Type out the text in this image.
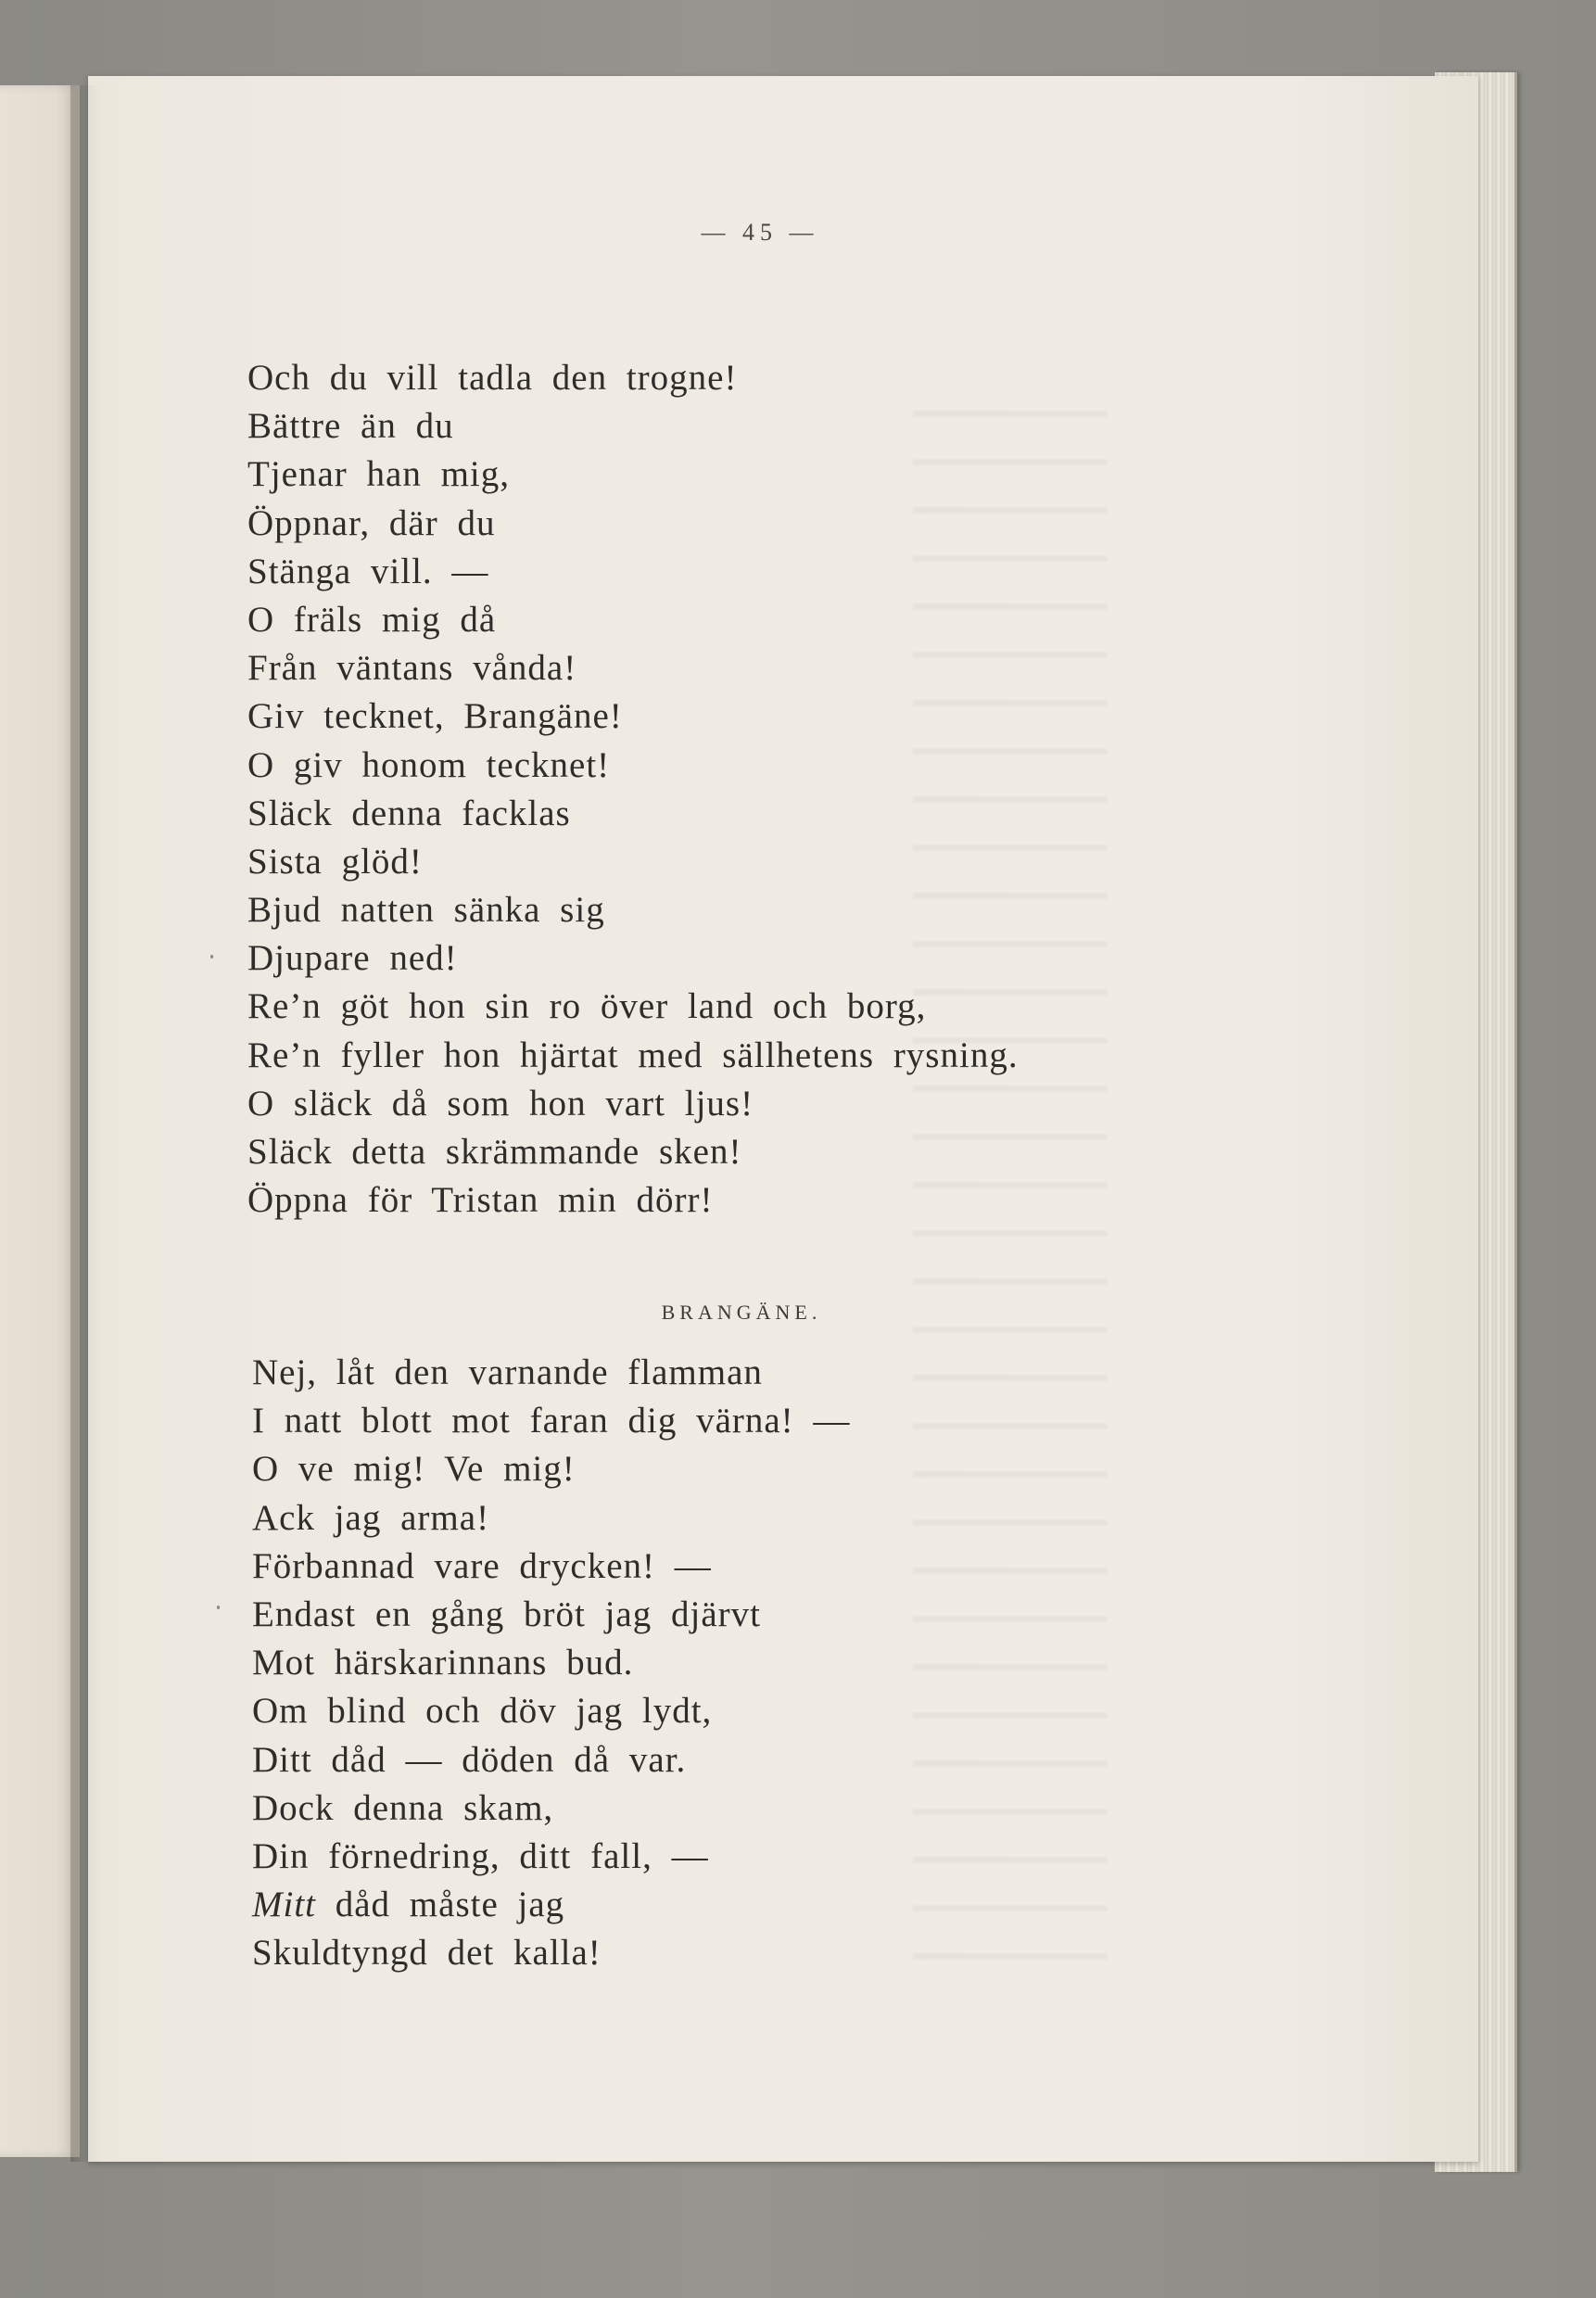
— 45 —
Och du vill tadla den trogne!
Bättre än du
Tjenar han mig,
Öppnar, där du
Stänga vill. —
O fräls mig då
Från väntans vånda!
Giv tecknet, Brangäne!
O giv honom tecknet!
Släck denna facklas
Sista glöd!
Bjud natten sänka sig
Djupare ned!
Re’n göt hon sin ro över land och borg,
Re’n fyller hon hjärtat med sällhetens rysning.
O släck då som hon vart ljus!
Släck detta skrämmande sken!
Öppna för Tristan min dörr!
BRANGÄNE.
Nej, låt den varnande flamman
I natt blott mot faran dig värna! —
O ve mig! Ve mig!
Ack jag arma!
Förbannad vare drycken! —
Endast en gång bröt jag djärvt
Mot härskarinnans bud.
Om blind och döv jag lydt,
Ditt dåd — döden då var.
Dock denna skam,
Din förnedring, ditt fall, —
Mitt dåd måste jag
Skuldtyngd det kalla!
